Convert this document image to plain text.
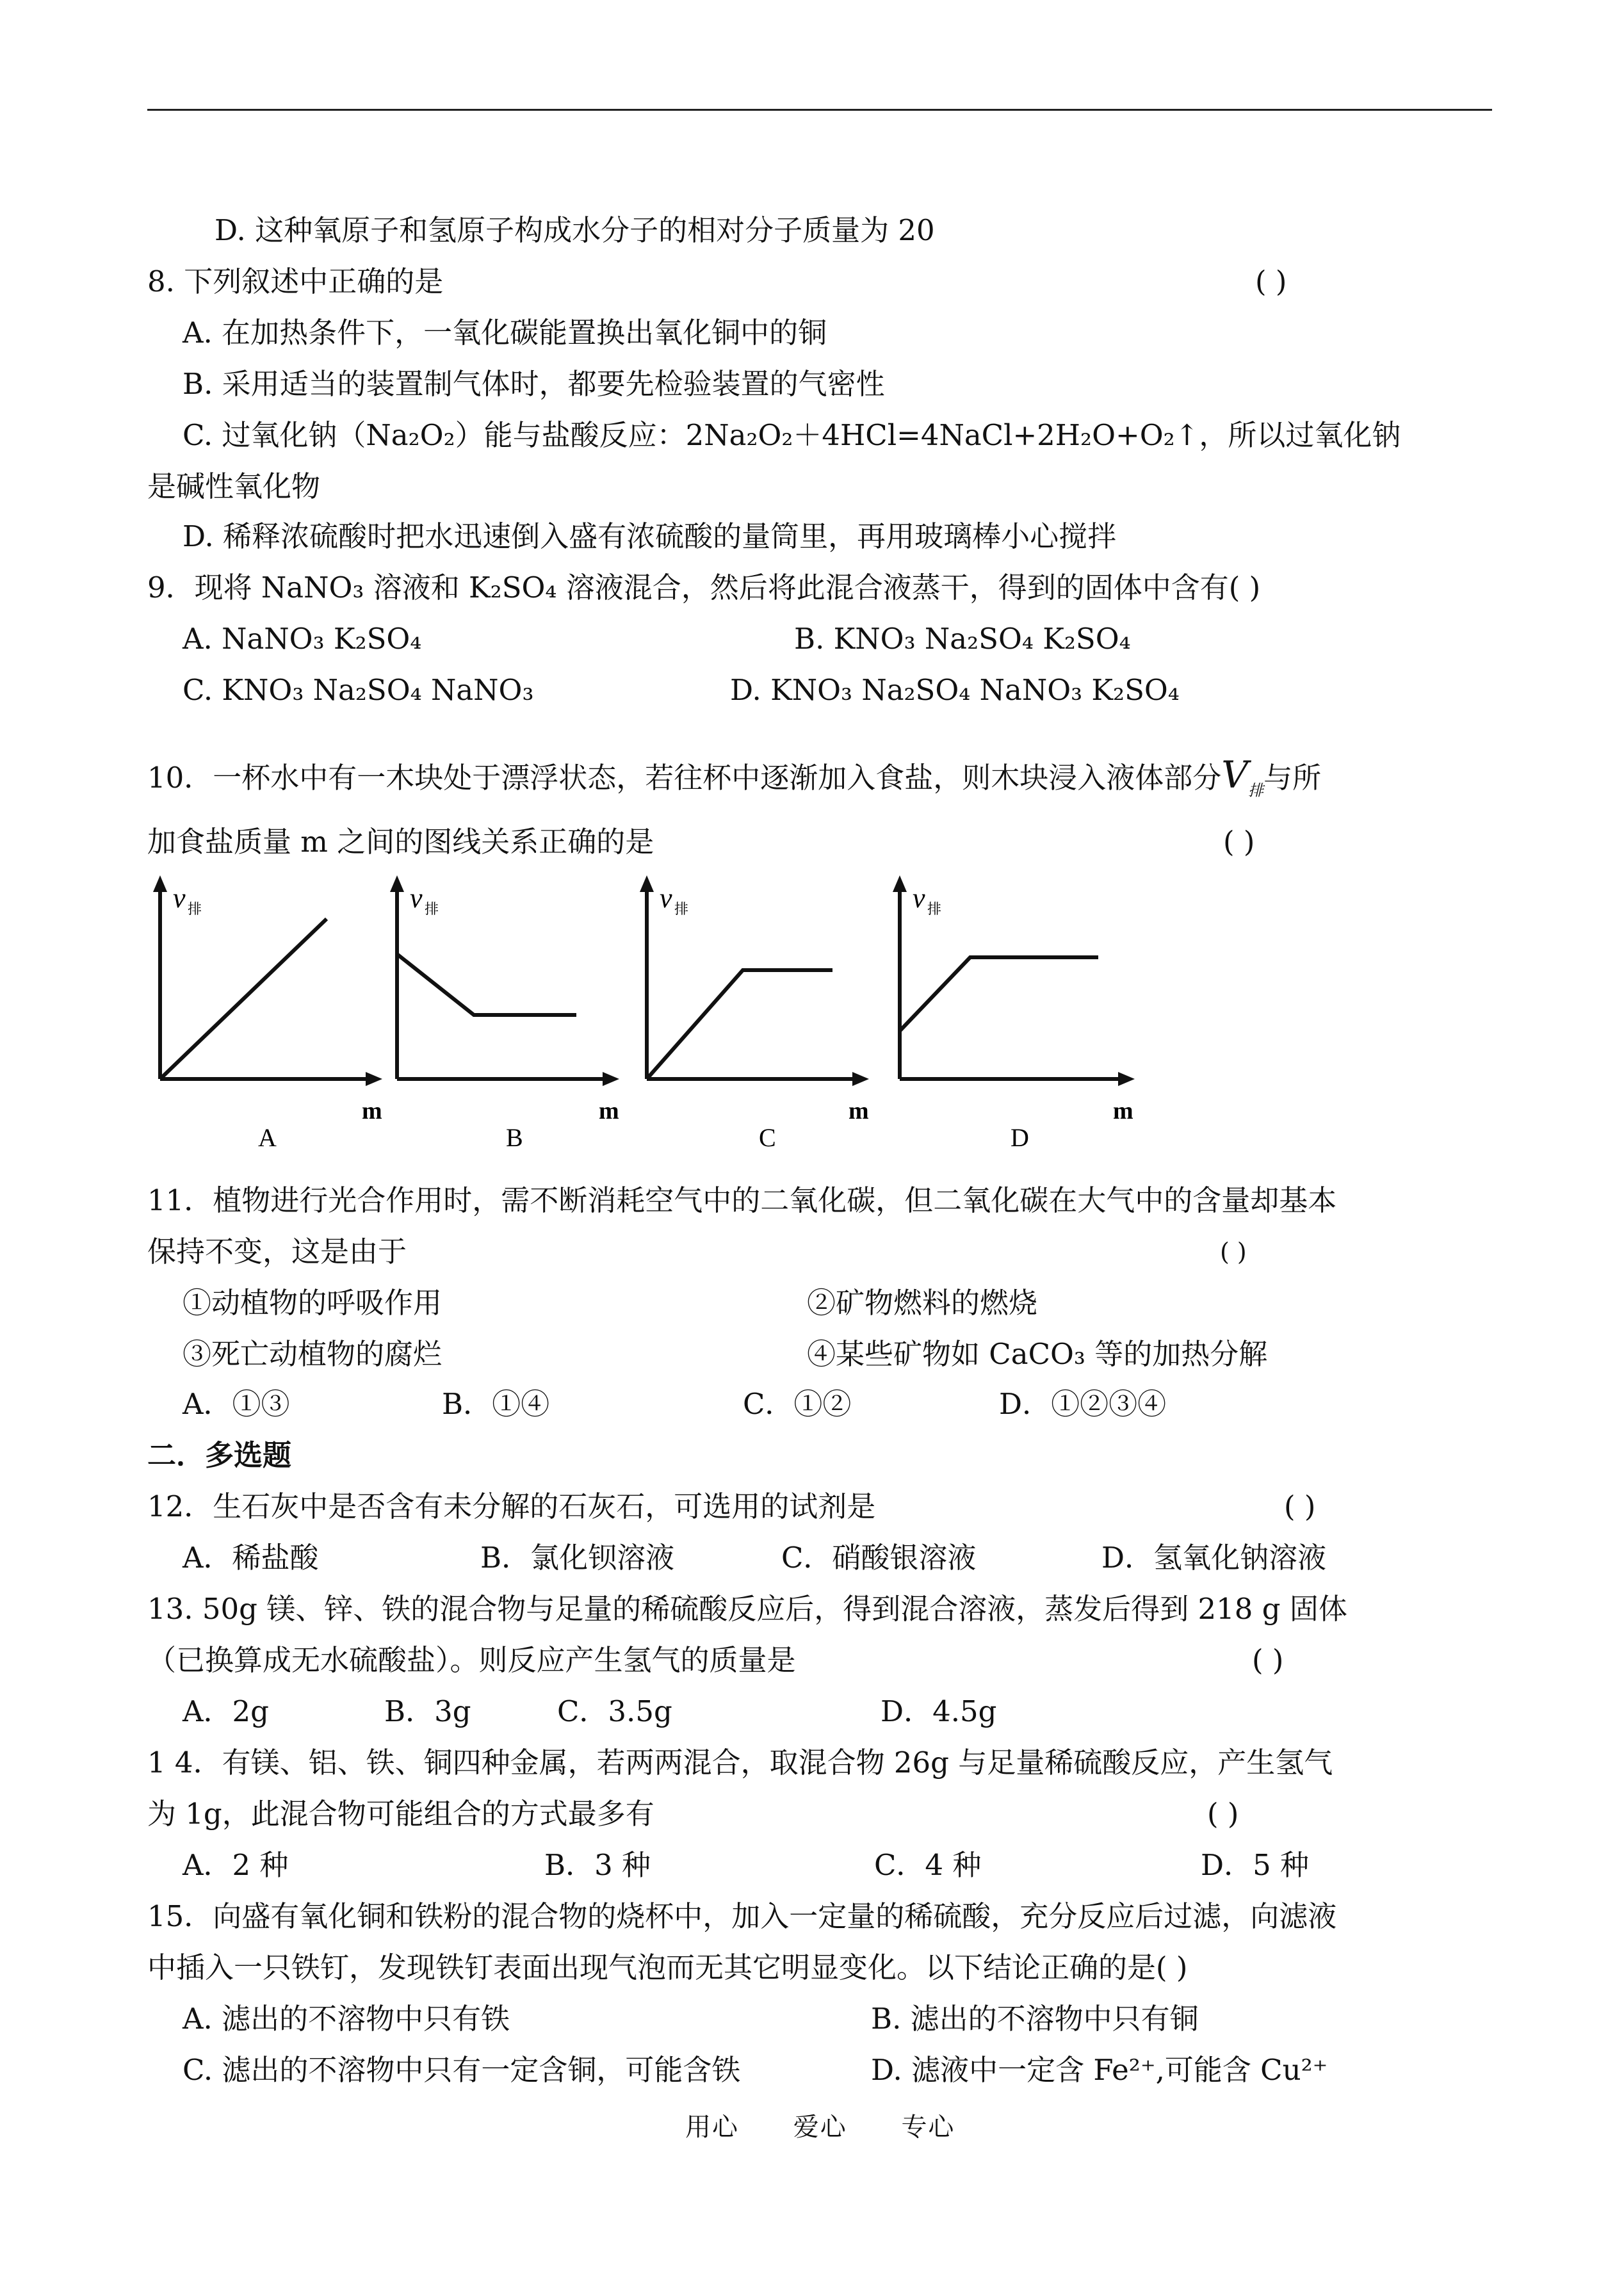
D. 这种氧原子和氢原子构成水分子的相对分子质量为 20
8. 下列叙述中正确的是	( )
A. 在加热条件下，一氧化碳能置换出氧化铜中的铜
B. 采用适当的装置制气体时，都要先检验装置的气密性
C. 过氧化钠（Na₂O₂）能与盐酸反应：2Na₂O₂＋4HCl=4NaCl+2H₂O+O₂↑，所以过氧化钠
是碱性氧化物
D. 稀释浓硫酸时把水迅速倒入盛有浓硫酸的量筒里，再用玻璃棒小心搅拌
9．现将 NaNO₃ 溶液和 K₂SO₄ 溶液混合，然后将此混合液蒸干，得到的固体中含有( )
A. NaNO₃ K₂SO₄	B. KNO₃ Na₂SO₄ K₂SO₄
C. KNO₃ Na₂SO₄ NaNO₃	D. KNO₃ Na₂SO₄ NaNO₃ K₂SO₄
10．一杯水中有一木块处于漂浮状态，若往杯中逐渐加入食盐，则木块浸入液体部分$V_排$与所
加食盐质量 m 之间的图线关系正确的是	( )
v 排
m
A
v 排
m
B
v 排
m
C
v 排
m
D
11．植物进行光合作用时，需不断消耗空气中的二氧化碳，但二氧化碳在大气中的含量却基本
保持不变，这是由于	( )
①动植物的呼吸作用	②矿物燃料的燃烧
③死亡动植物的腐烂	④某些矿物如 CaCO₃ 等的加热分解
A．①③	B．①④	C．①②	D．①②③④
二．多选题
12．生石灰中是否含有未分解的石灰石，可选用的试剂是	( )
A．稀盐酸	B．氯化钡溶液	C．硝酸银溶液	D．氢氧化钠溶液
13. 50g 镁、锌、铁的混合物与足量的稀硫酸反应后，得到混合溶液，蒸发后得到 218 g 固体
（已换算成无水硫酸盐）。则反应产生氢气的质量是	( )
A．2g	B．3g	C．3.5g	D．4.5g
1 4．有镁、铝、铁、铜四种金属，若两两混合，取混合物 26g 与足量稀硫酸反应，产生氢气
为 1g，此混合物可能组合的方式最多有	( )
A．2 种	B．3 种	C．4 种	D．5 种
15．向盛有氧化铜和铁粉的混合物的烧杯中，加入一定量的稀硫酸，充分反应后过滤，向滤液
中插入一只铁钉，发现铁钉表面出现气泡而无其它明显变化。以下结论正确的是( )
A. 滤出的不溶物中只有铁	B. 滤出的不溶物中只有铜
C. 滤出的不溶物中只有一定含铜，可能含铁	D. 滤液中一定含 Fe²⁺,可能含 Cu²⁺
用心 爱心 专心
